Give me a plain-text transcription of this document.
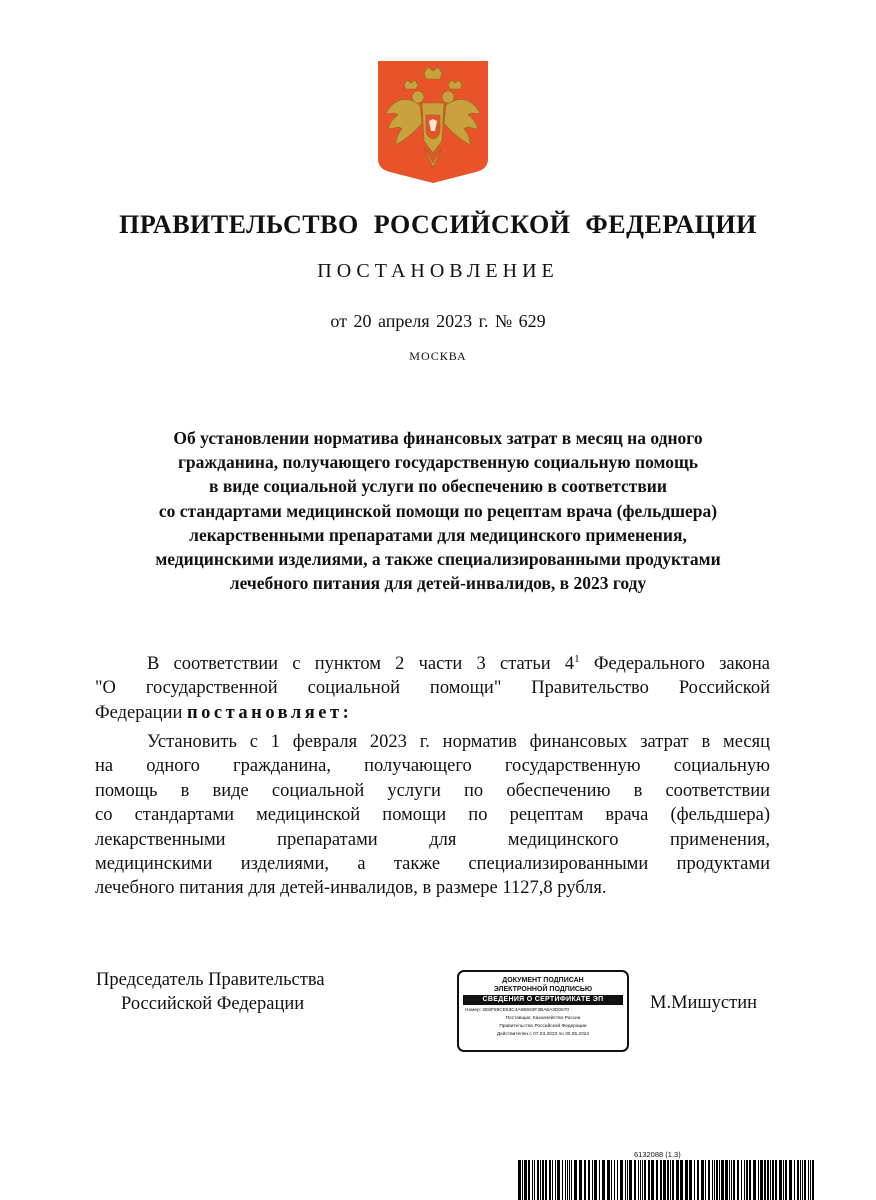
ПРАВИТЕЛЬСТВО РОССИЙСКОЙ ФЕДЕРАЦИИ
ПОСТАНОВЛЕНИЕ
от 20 апреля 2023 г. № 629
МОСКВА
Об установлении норматива финансовых затрат в месяц на одного
гражданина, получающего государственную социальную помощь
в виде социальной услуги по обеспечению в соответствии
со стандартами медицинской помощи по рецептам врача (фельдшера)
лекарственными препаратами для медицинского применения,
медицинскими изделиями, а также специализированными продуктами
лечебного питания для детей-инвалидов, в 2023 году
В соответствии с пунктом 2 части 3 статьи $4^1$ Федерального закона
"О государственной социальной помощи" Правительство Российской
Федерации постановляет:
Установить с 1 февраля 2023 г. норматив финансовых затрат в месяц
на одного гражданина, получающего государственную социальную
помощь в виде социальной услуги по обеспечению в соответствии
со стандартами медицинской помощи по рецептам врача (фельдшера)
лекарственными препаратами для медицинского применения,
медицинскими изделиями, а также специализированными продуктами
лечебного питания для детей-инвалидов, в размере 1127,8 рубля.
Председатель Правительства
Российской Федерации
ДОКУМЕНТ ПОДПИСАН
ЭЛЕКТРОННОЙ ПОДПИСЬЮ
СВЕДЕНИЯ О СЕРТИФИКАТЕ ЭП
Номер: 2E8F99CE53C4A6B663F3BA6A3D0670
Поставщик: Казначейство России
Правительство Российской Федерации
Действителен с 07.03.2023 по 30.05.2024
М.Мишустин
6132088 (1.3)
